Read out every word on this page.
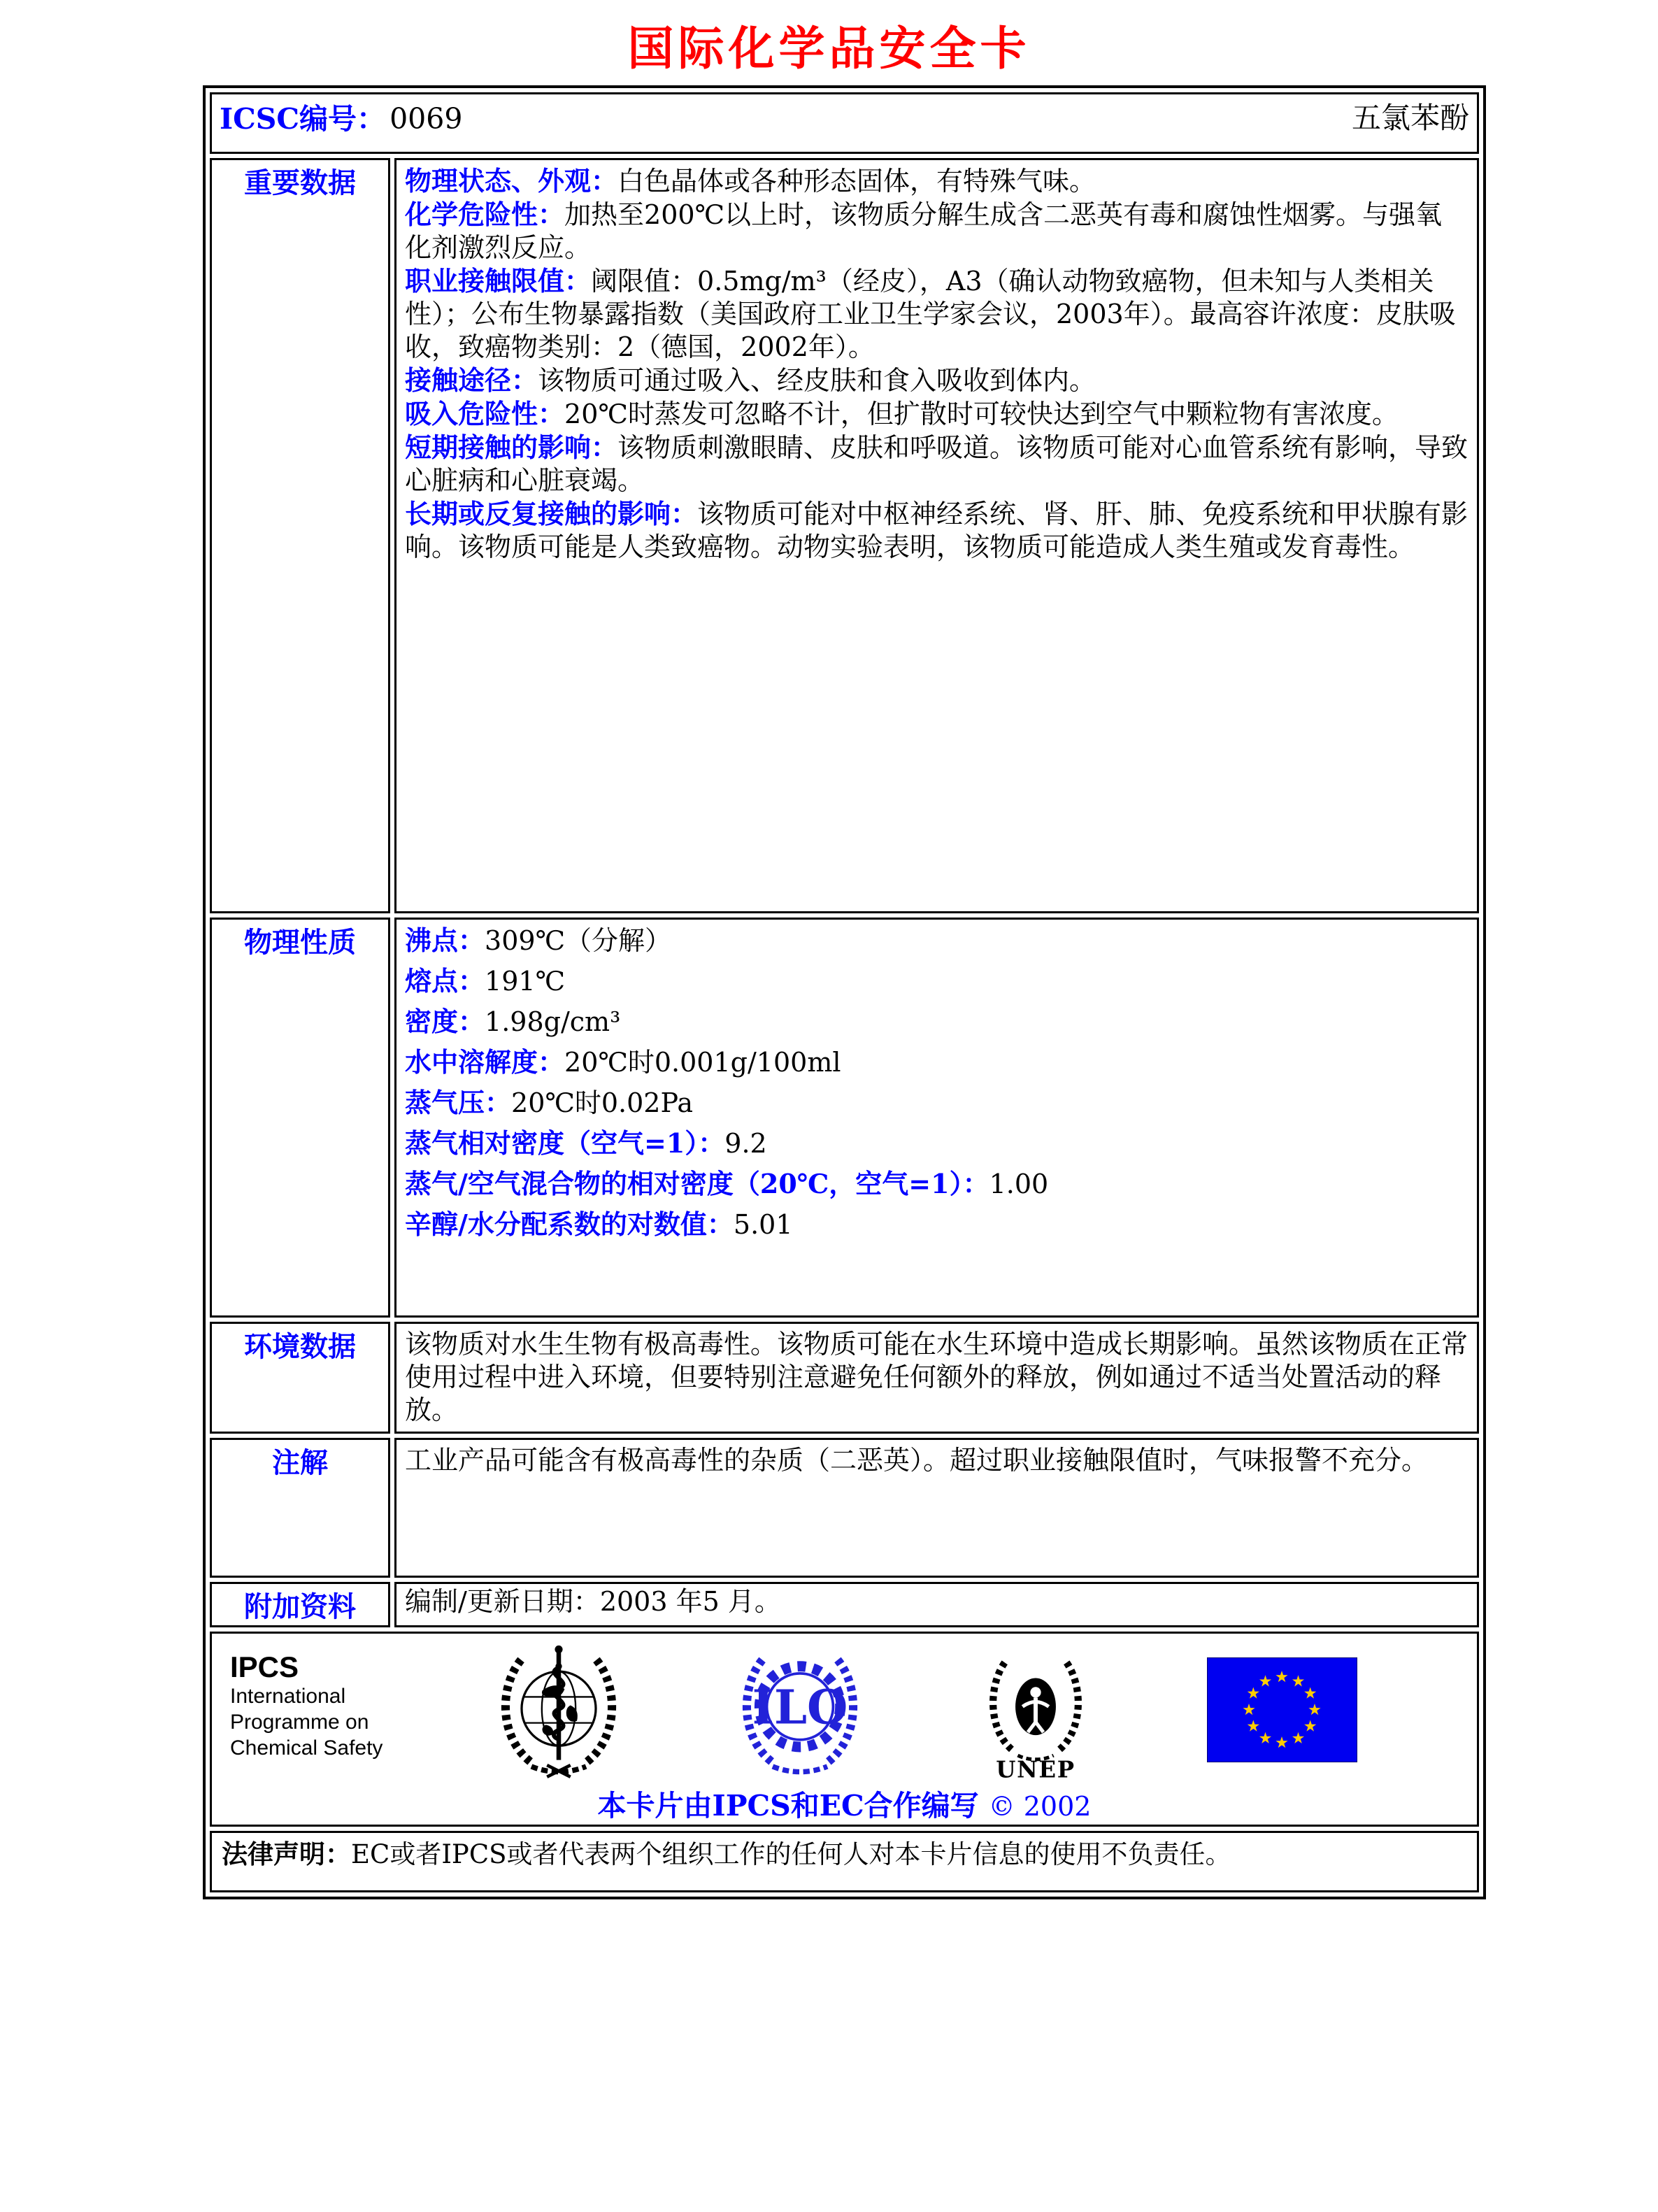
国际化学品安全卡
ICSC编号： 0069 五氯苯酚	

重要数据	物理状态、外观：白色晶体或各种形态固体，有特殊气味。

化学危险性：加热至200℃以上时，该物质分解生成含二恶英有毒和腐蚀性烟雾。与强氧化剂激烈反应。

职业接触限值：阈限值：0.5mg/m³（经皮），A3（确认动物致癌物，但未知与人类相关性）；公布生物暴露指数（美国政府工业卫生学家会议，2003年）。最高容许浓度：皮肤吸收，致癌物类别：2（德国，2002年）。

接触途径：该物质可通过吸入、经皮肤和食入吸收到体内。

吸入危险性：20℃时蒸发可忽略不计，但扩散时可较快达到空气中颗粒物有害浓度。

短期接触的影响：该物质刺激眼睛、皮肤和呼吸道。该物质可能对心血管系统有影响，导致心脏病和心脏衰竭。

长期或反复接触的影响：该物质可能对中枢神经系统、肾、肝、肺、免疫系统和甲状腺有影响。该物质可能是人类致癌物。动物实验表明，该物质可能造成人类生殖或发育毒性。

物理性质	沸点：309℃（分解）

熔点：191℃

密度：1.98g/cm³

水中溶解度：20℃时0.001g/100ml

蒸气压：20℃时0.02Pa

蒸气相对密度（空气=1）：9.2

蒸气/空气混合物的相对密度（20℃，空气=1）：1.00

辛醇/水分配系数的对数值：5.01

环境数据	该物质对水生生物有极高毒性。该物质可能在水生环境中造成长期影响。虽然该物质在正常使用过程中进入环境，但要特别注意避免任何额外的释放，例如通过不适当处置活动的释放。

注解	工业产品可能含有极高毒性的杂质（二恶英）。超过职业接触限值时，气味报警不充分。

附加资料	编制/更新日期：2003 年5 月。

IPCS
International
Programme on
Chemical Safety
ILO
UNEP
本卡片由IPCS和EC合作编写 © 2002

法律声明：EC或者IPCS或者代表两个组织工作的任何人对本卡片信息的使用不负责任。	
